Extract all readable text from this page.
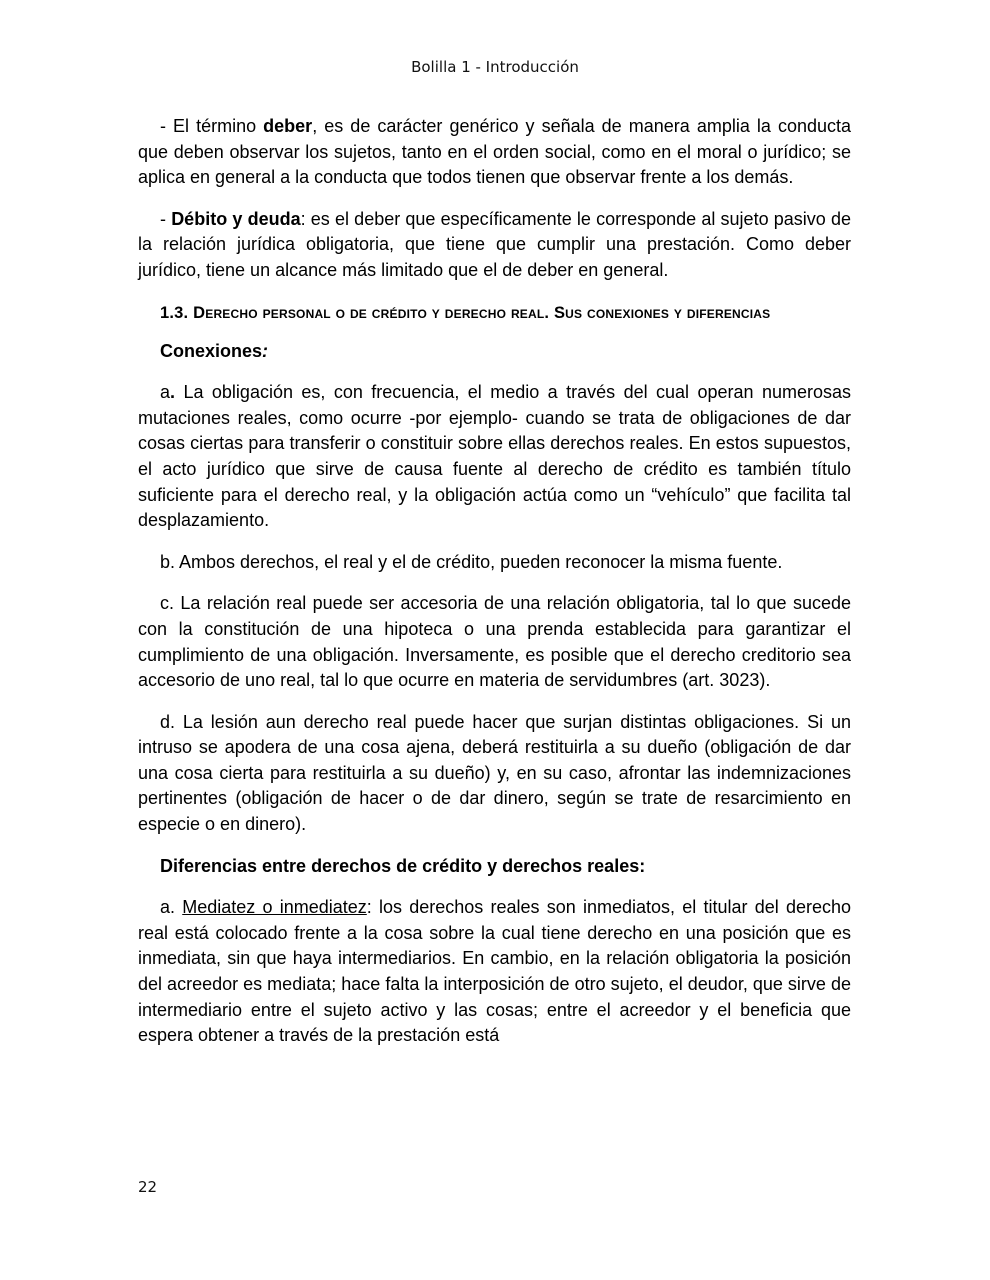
Bolilla 1 - Introducción

- El término deber, es de carácter genérico y señala de manera amplia la conducta que deben observar los sujetos, tanto en el orden social, como en el moral o jurídico; se aplica en general a la conducta que todos tienen que observar frente a los demás.

- Débito y deuda: es el deber que específicamente le corresponde al sujeto pasivo de la relación jurídica obligatoria, que tiene que cumplir una prestación. Como deber jurídico, tiene un alcance más limitado que el de deber en general.

1.3. Derecho personal o de crédito y derecho real. Sus conexiones y diferencias

Conexiones:

a. La obligación es, con frecuencia, el medio a través del cual operan numerosas mutaciones reales, como ocurre -por ejemplo- cuando se trata de obligaciones de dar cosas ciertas para transferir o constituir sobre ellas derechos reales. En estos supuestos, el acto jurídico que sirve de causa fuente al derecho de crédito es también título suficiente para el derecho real, y la obligación actúa como un “vehículo” que facilita tal desplazamiento.

b. Ambos derechos, el real y el de crédito, pueden reconocer la misma fuente.

c. La relación real puede ser accesoria de una relación obligatoria, tal lo que sucede con la constitución de una hipoteca o una prenda establecida para garantizar el cumplimiento de una obligación. Inversamente, es posible que el derecho creditorio sea accesorio de uno real, tal lo que ocurre en materia de servidumbres (art. 3023).

d. La lesión aun derecho real puede hacer que surjan distintas obligaciones. Si un intruso se apodera de una cosa ajena, deberá restituirla a su dueño (obligación de dar una cosa cierta para restituirla a su dueño) y, en su caso, afrontar las indemnizaciones pertinentes (obligación de hacer o de dar dinero, según se trate de resarcimiento en especie o en dinero).

Diferencias entre derechos de crédito y derechos reales:

a. Mediatez o inmediatez: los derechos reales son inmediatos, el titular del derecho real está colocado frente a la cosa sobre la cual tiene derecho en una posición que es inmediata, sin que haya intermediarios. En cambio, en la relación obligatoria la posición del acreedor es mediata; hace falta la interposición de otro sujeto, el deudor, que sirve de intermediario entre el sujeto activo y las cosas; entre el acreedor y el beneficia que espera obtener a través de la prestación está

22
